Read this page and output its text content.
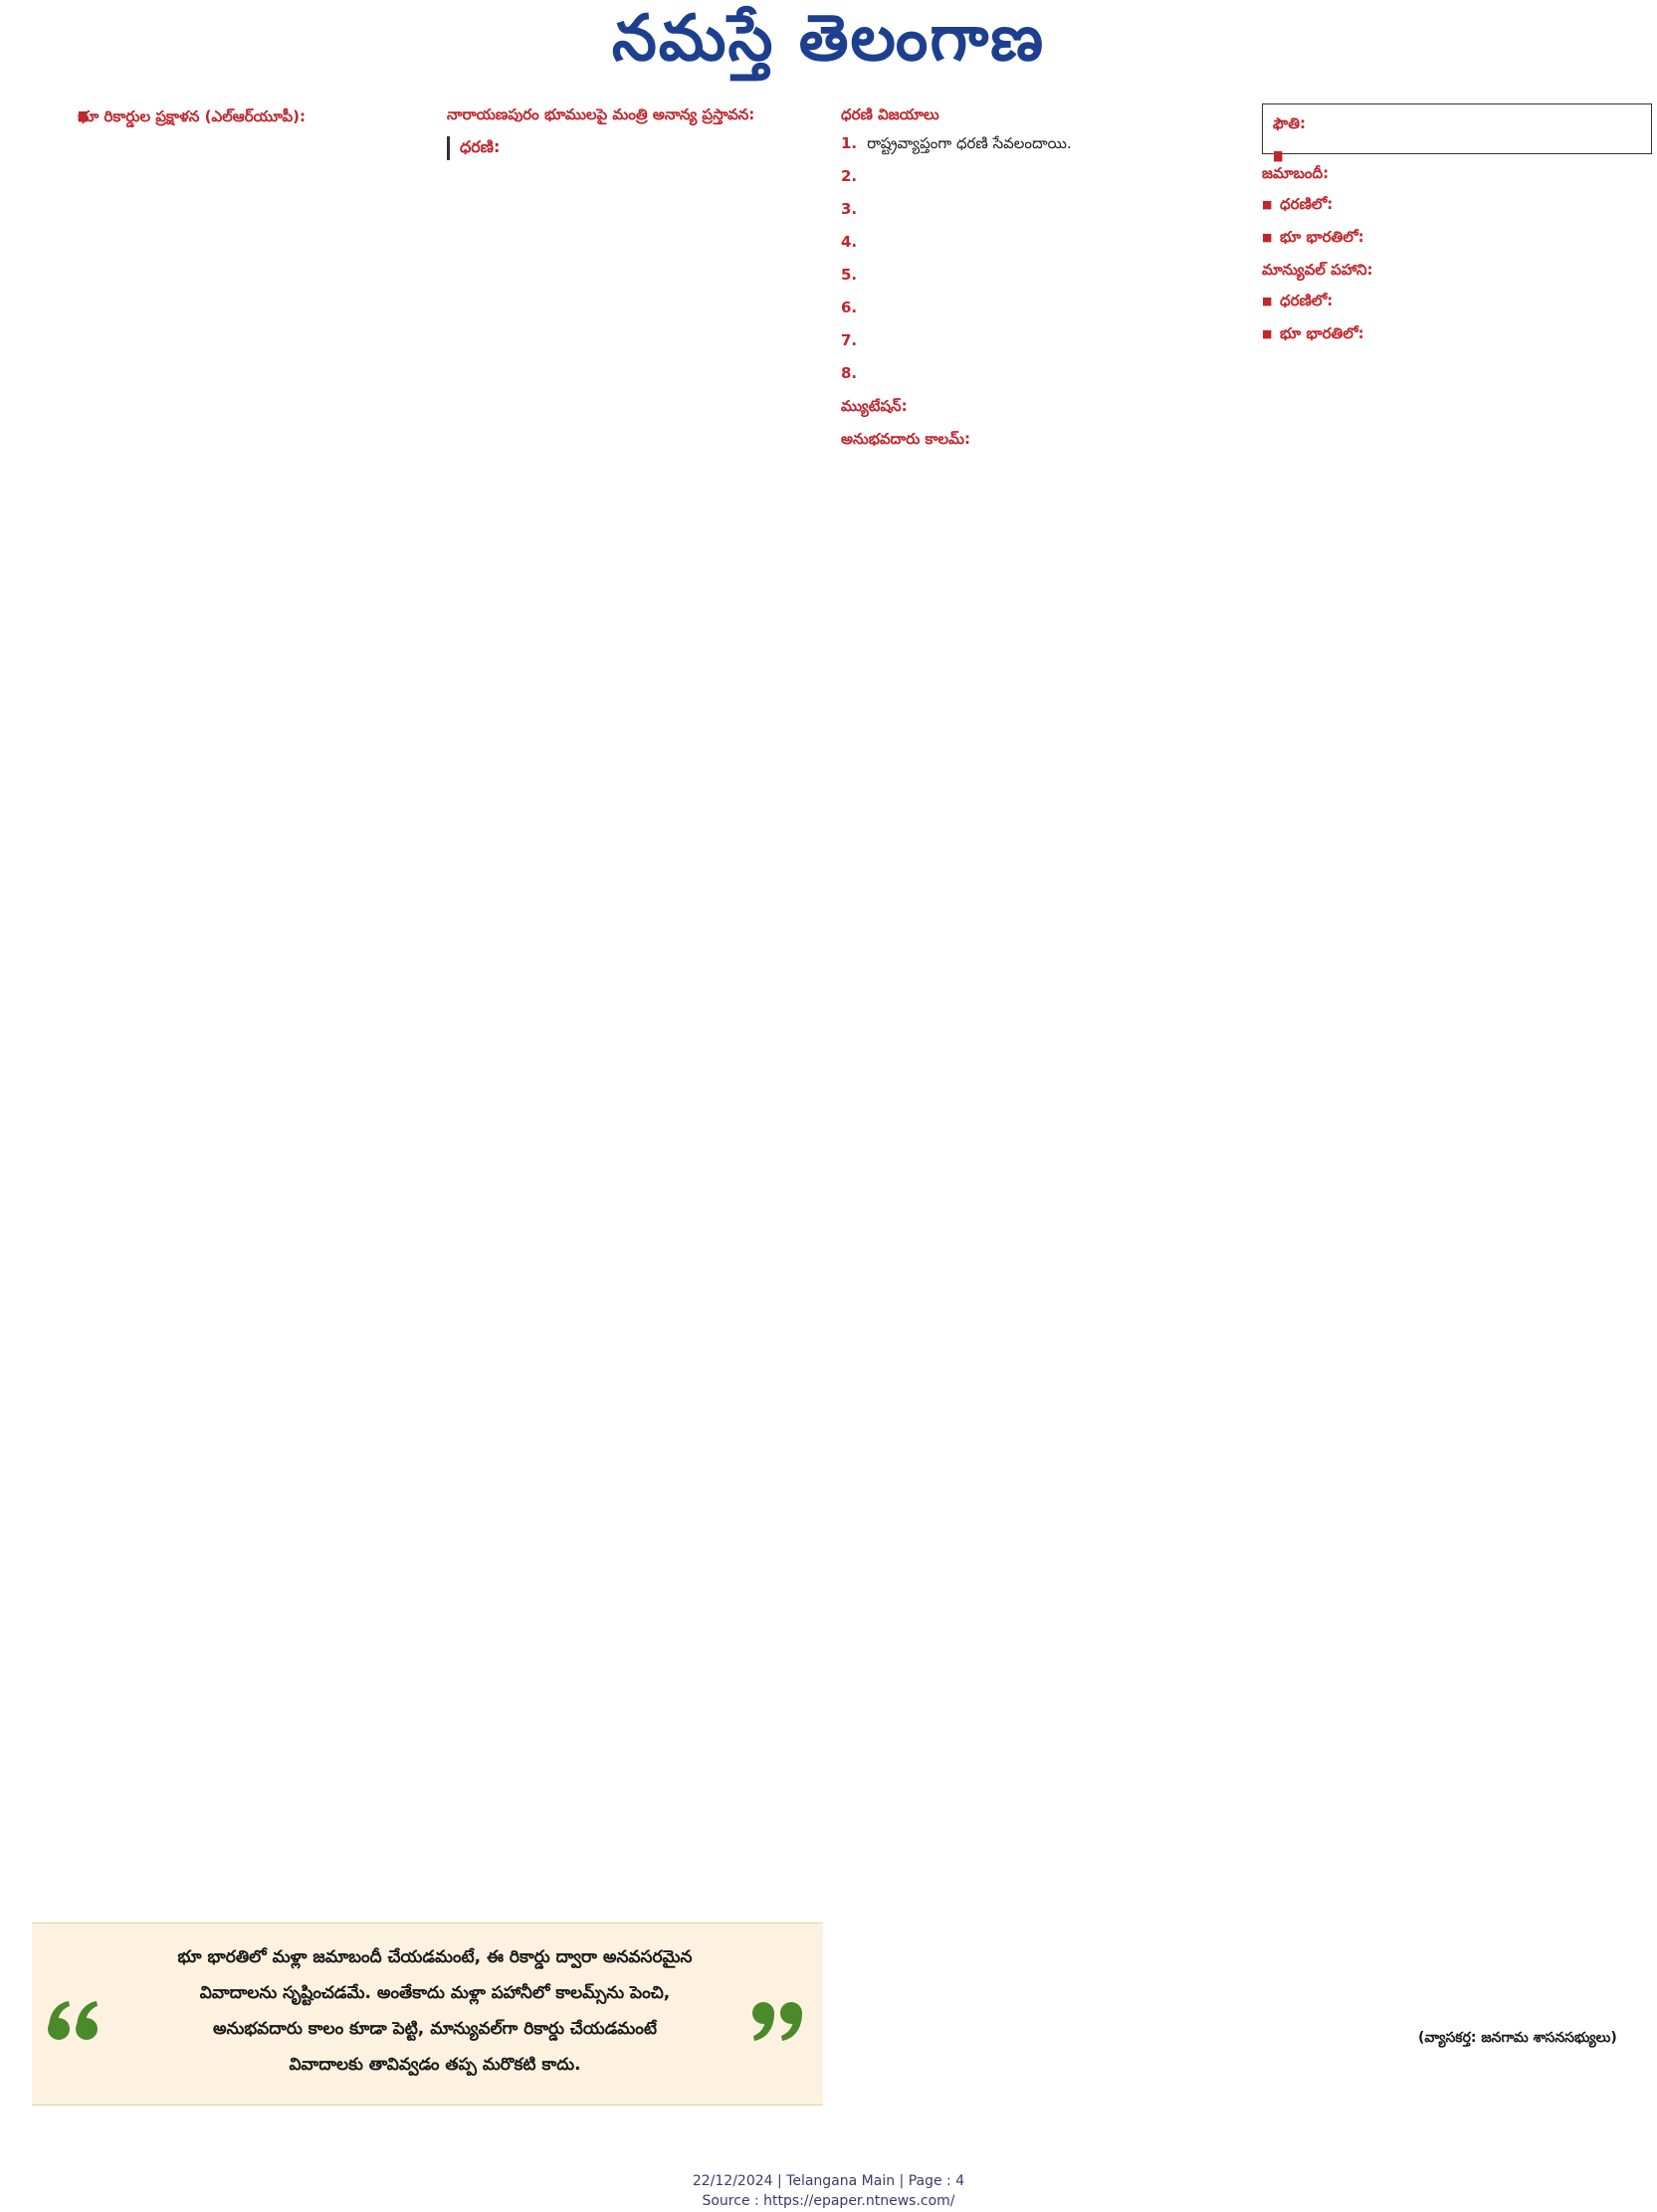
నమస్తే తెలంగాణ

భూ రికార్డుల ప్రక్షాళన (ఎల్‌ఆర్‌యూపీ):	నారాయణపురం భూములపై మంత్రి అనాన్య ప్రస్తావన:

ధరణి:

ధరణి విజయాలు
1. రాష్ట్రవ్యాప్తంగా ధరణి సేవలందాయి.
2.
3.
4.
5.
6.
7.
8.

మ్యుటేషన్:

అనుభవదారు కాలమ్:

ఫౌతి:

జమాబందీ:

■ ధరణిలో:
■ భూ భారతిలో:

మాన్యువల్ పహాని:

■ ధరణిలో:
■ భూ భారతిలో:

భూ భారతిలో మళ్లా జమాబందీ చేయడమంటే, ఈ రికార్డు ద్వారా అనవసరమైన
వివాదాలను సృష్టించడమే. అంతేకాదు మళ్లా పహానీలో కాలమ్స్‌ను పెంచి,
అనుభవదారు కాలం కూడా పెట్టి, మాన్యువల్‌గా రికార్డు చేయడమంటే
వివాదాలకు తావివ్వడం తప్ప మరొకటి కాదు.
(వ్యాసకర్త: జనగామ శాసనసభ్యులు)
22/12/2024 | Telangana Main | Page : 4
Source : https://epaper.ntnews.com/
